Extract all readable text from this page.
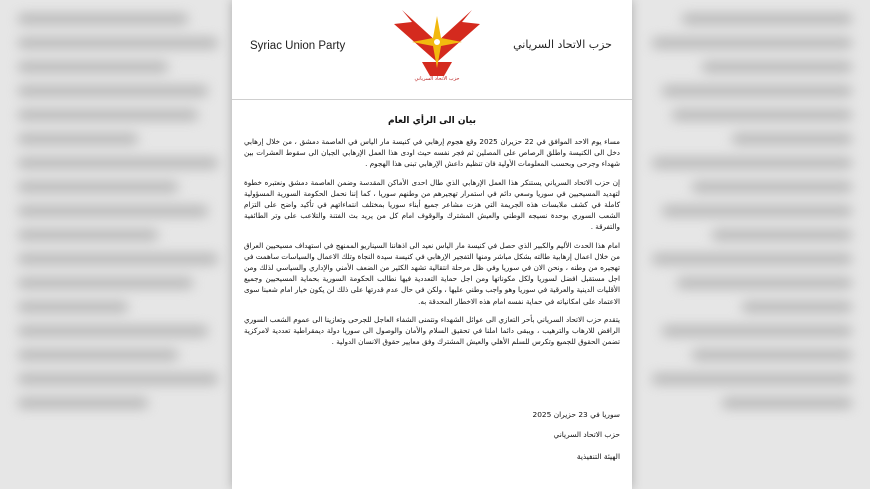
Syriac Union Party
حزب الاتحاد السرياني
حزب الاتحاد السرياني
بيان الى الرأي العام

مساء يوم الاحد الموافق في 22 حزيران 2025 وقع هجوم إرهابي في كنيسة مار الياس في العاصمة دمشق ، من خلال إرهابي دخل الى الكنيسة واطلق الرصاص على المصلين ثم فجر نفسه حيث اودى هذا العمل الإرهابي الجبان الى سقوط العشرات بين شهداء وجرحى وبحسب المعلومات الأولية فان تنظيم داعش الإرهابي تبنى هذا الهجوم .

إن حزب الاتحاد السرياني يستنكر هذا العمل الإرهابي الذي طال احدى الأماكن المقدسة وضمن العاصمة دمشق ونعتبره خطوة لتهديد المسيحيين في سوريا وسعي دائم في استمرار تهجيرهم من وطنهم سوريا ، كما إننا نحمل الحكومة السورية المسؤولية كاملة في كشف ملابسات هذه الجريمة التي هزت مشاعر جميع أبناء سوريا بمختلف انتماءاتهم في تأكيد واضح على التزام الشعب السوري بوحدة نسيجه الوطني والعيش المشترك والوقوف امام كل من يريد بث الفتنة والتلاعب على وتر الطائفية والتفرقة .

امام هذا الحدث الأليم والكبير الذي حصل في كنيسة مار الياس نعيد الى اذهاننا السيناريو الممنهج في استهداف مسيحيين العراق من خلال اعمال إرهابية طالته بشكل مباشر ومنها التفجير الإرهابي في كنيسة سيدة النجاة وتلك الاعمال والسياسات ساهمت في تهجيره من وطنه ، ونحن الان في سوريا وفي ظل مرحلة انتقالية تشهد الكثير من الضعف الأمني والإداري والسياسي لذلك ومن اجل مستقبل افضل لسوريا ولكل مكوناتها ومن اجل حماية التعددية فيها نطالب الحكومة السورية بحماية المسيحيين وجميع الأقليات الدينية والعرقية في سوريا وهو واجب وطني عليها ، ولكن في حال عدم قدرتها على ذلك لن يكون خيار امام شعبنا سوى الاعتماد على امكانياته في حماية نفسه امام هذه الاخطار المحدقة به.

يتقدم حزب الاتحاد السرياني بأحر التعازي الى عوائل الشهداء ونتمنى الشفاء العاجل للجرحى وتعازينا الى عموم الشعب السوري الرافض للارهاب والترهيب ، ويبقى دائما املنا في تحقيق السلام والأمان والوصول الى سوريا دولة ديمقراطية تعددية لامركزية تضمن الحقوق للجميع وتكرس للسلم الأهلي والعيش المشترك وفق معايير حقوق الانسان الدولية .

سوريا في 23 حزيران 2025
حزب الاتحاد السرياني
الهيئة التنفيذية
